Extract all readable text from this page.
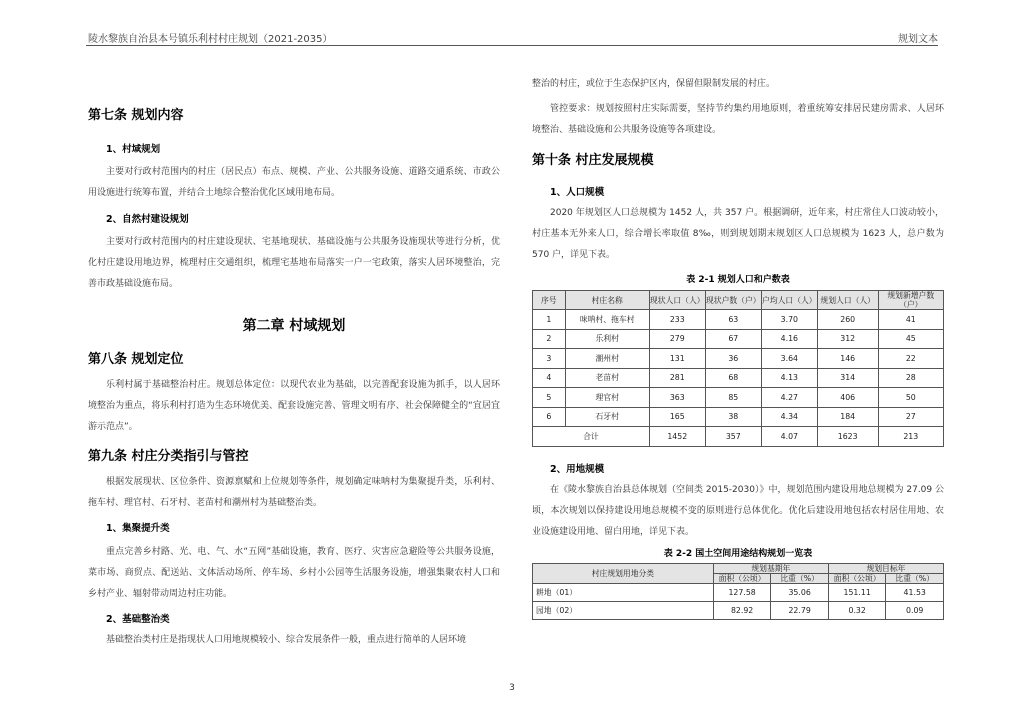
陵水黎族自治县本号镇乐利村村庄规划（2021-2035）	规划文本
第七条 规划内容
1、村域规划
主要对行政村范围内的村庄（居民点）布点、规模、产业、公共服务设施、道路交通系统、市政公用设施进行统筹布置，并结合土地综合整治优化区域用地布局。
2、自然村建设规划
主要对行政村范围内的村庄建设现状、宅基地现状、基础设施与公共服务设施现状等进行分析，优化村庄建设用地边界，梳理村庄交通组织，梳理宅基地布局落实一户一宅政策，落实人居环境整治，完善市政基础设施布局。
第二章 村域规划
第八条 规划定位
乐利村属于基础整治村庄。规划总体定位：以现代农业为基础，以完善配套设施为抓手，以人居环境整治为重点，将乐利村打造为生态环境优美、配套设施完善、管理文明有序、社会保障健全的“宜居宜游示范点”。
第九条 村庄分类指引与管控
根据发展现状、区位条件、资源禀赋和上位规划等条件，规划确定味呐村为集聚提升类，乐利村、拖车村、理官村、石牙村、老苗村和潮州村为基础整治类。
1、集聚提升类
重点完善乡村路、光、电、气、水“五网”基础设施，教育、医疗、灾害应急避险等公共服务设施，菜市场、商贸点、配送站、文体活动场所、停车场、乡村小公园等生活服务设施，增强集聚农村人口和乡村产业、辐射带动周边村庄功能。
2、基础整治类
基础整治类村庄是指现状人口用地规模较小、综合发展条件一般，重点进行简单的人居环境
整治的村庄，或位于生态保护区内，保留但限制发展的村庄。
管控要求：规划按照村庄实际需要，坚持节约集约用地原则，着重统筹安排居民建房需求、人居环境整治、基础设施和公共服务设施等各项建设。
第十条 村庄发展规模
1、人口规模
2020 年规划区人口总规模为 1452 人，共 357 户。根据调研，近年来，村庄常住人口波动较小，村庄基本无外来人口，综合增长率取值 8‰，则到规划期末规划区人口总规模为 1623 人，总户数为 570 户，详见下表。
表 2-1 规划人口和户数表
序号	村庄名称	现状人口（人）	现状户数（户）	户均人口（人）	规划人口（人）	规划新增户数（户）
1	味呐村、拖车村	233	63	3.70	260	41
2	乐利村	279	67	4.16	312	45
3	潮州村	131	36	3.64	146	22
4	老苗村	281	68	4.13	314	28
5	理官村	363	85	4.27	406	50
6	石牙村	165	38	4.34	184	27
合计		1452	357	4.07	1623	213
2、用地规模
在《陵水黎族自治县总体规划（空间类 2015-2030）》中，规划范围内建设用地总规模为 27.09 公顷，本次规划以保持建设用地总规模不变的原则进行总体优化。优化后建设用地包括农村居住用地、农业设施建设用地、留白用地，详见下表。
表 2-2 国土空间用途结构规划一览表
村庄规划用地分类	规划基期年		规划目标年	
	面积（公顷）	比重（%）	面积（公顷）	比重（%）
耕地（01）	127.58	35.06	151.11	41.53
园地（02）	82.92	22.79	0.32	0.09
3
